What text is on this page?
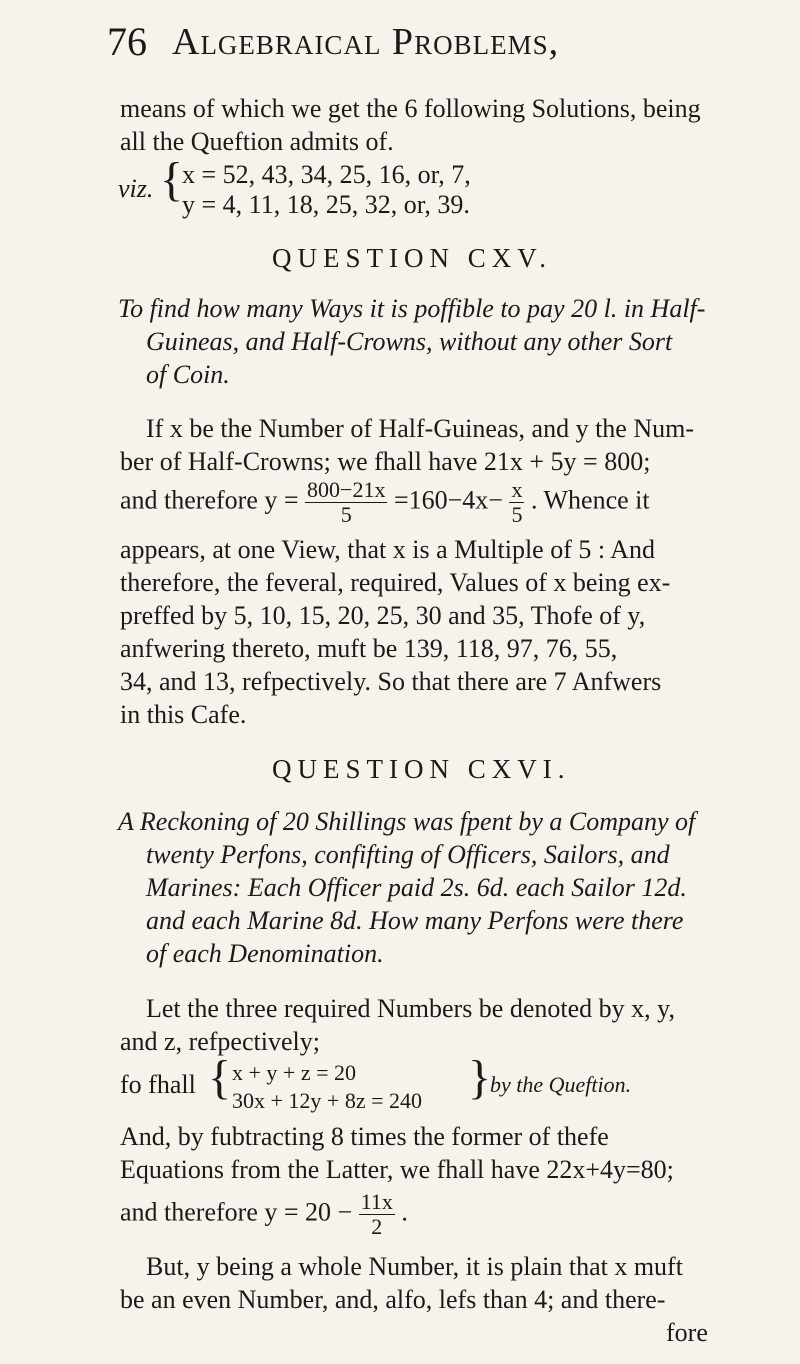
76 Algebraical Problems,
means of which we get the 6 following Solutions, being
all the Queftion admits of.
viz. {
x = 52, 43, 34, 25, 16, or, 7,
y = 4, 11, 18, 25, 32, or, 39.
QUESTION CXV.
To find how many Ways it is poffible to pay 20 l. in Half-
Guineas, and Half-Crowns, without any other Sort
of Coin.
If x be the Number of Half-Guineas, and y the Num-
ber of Half-Crowns; we fhall have 21x + 5y = 800;
and therefore $y = \frac{800-21x}{5} =160-4x- \frac{x}{5}$ . Whence it
appears, at one View, that x is a Multiple of 5 : And
therefore, the feveral, required, Values of x being ex-
preffed by 5, 10, 15, 20, 25, 30 and 35, Thofe of y,
anfwering thereto, muft be 139, 118, 97, 76, 55,
34, and 13, refpectively. So that there are 7 Anfwers
in this Cafe.
QUESTION CXVI.
A Reckoning of 20 Shillings was fpent by a Company of
twenty Perfons, confifting of Officers, Sailors, and
Marines: Each Officer paid 2s. 6d. each Sailor 12d.
and each Marine 8d. How many Perfons were there
of each Denomination.
Let the three required Numbers be denoted by x, y,
and z, refpectively;
fo fhall { x + y + z = 20
30x + 12y + 8z = 240 }
by the Queftion.
And, by fubtracting 8 times the former of thefe
Equations from the Latter, we fhall have 22x+4y=80;
and therefore $y = 20 - \frac{11x}{2}$ .
But, y being a whole Number, it is plain that x muft
be an even Number, and, alfo, lefs than 4; and there-
fore
